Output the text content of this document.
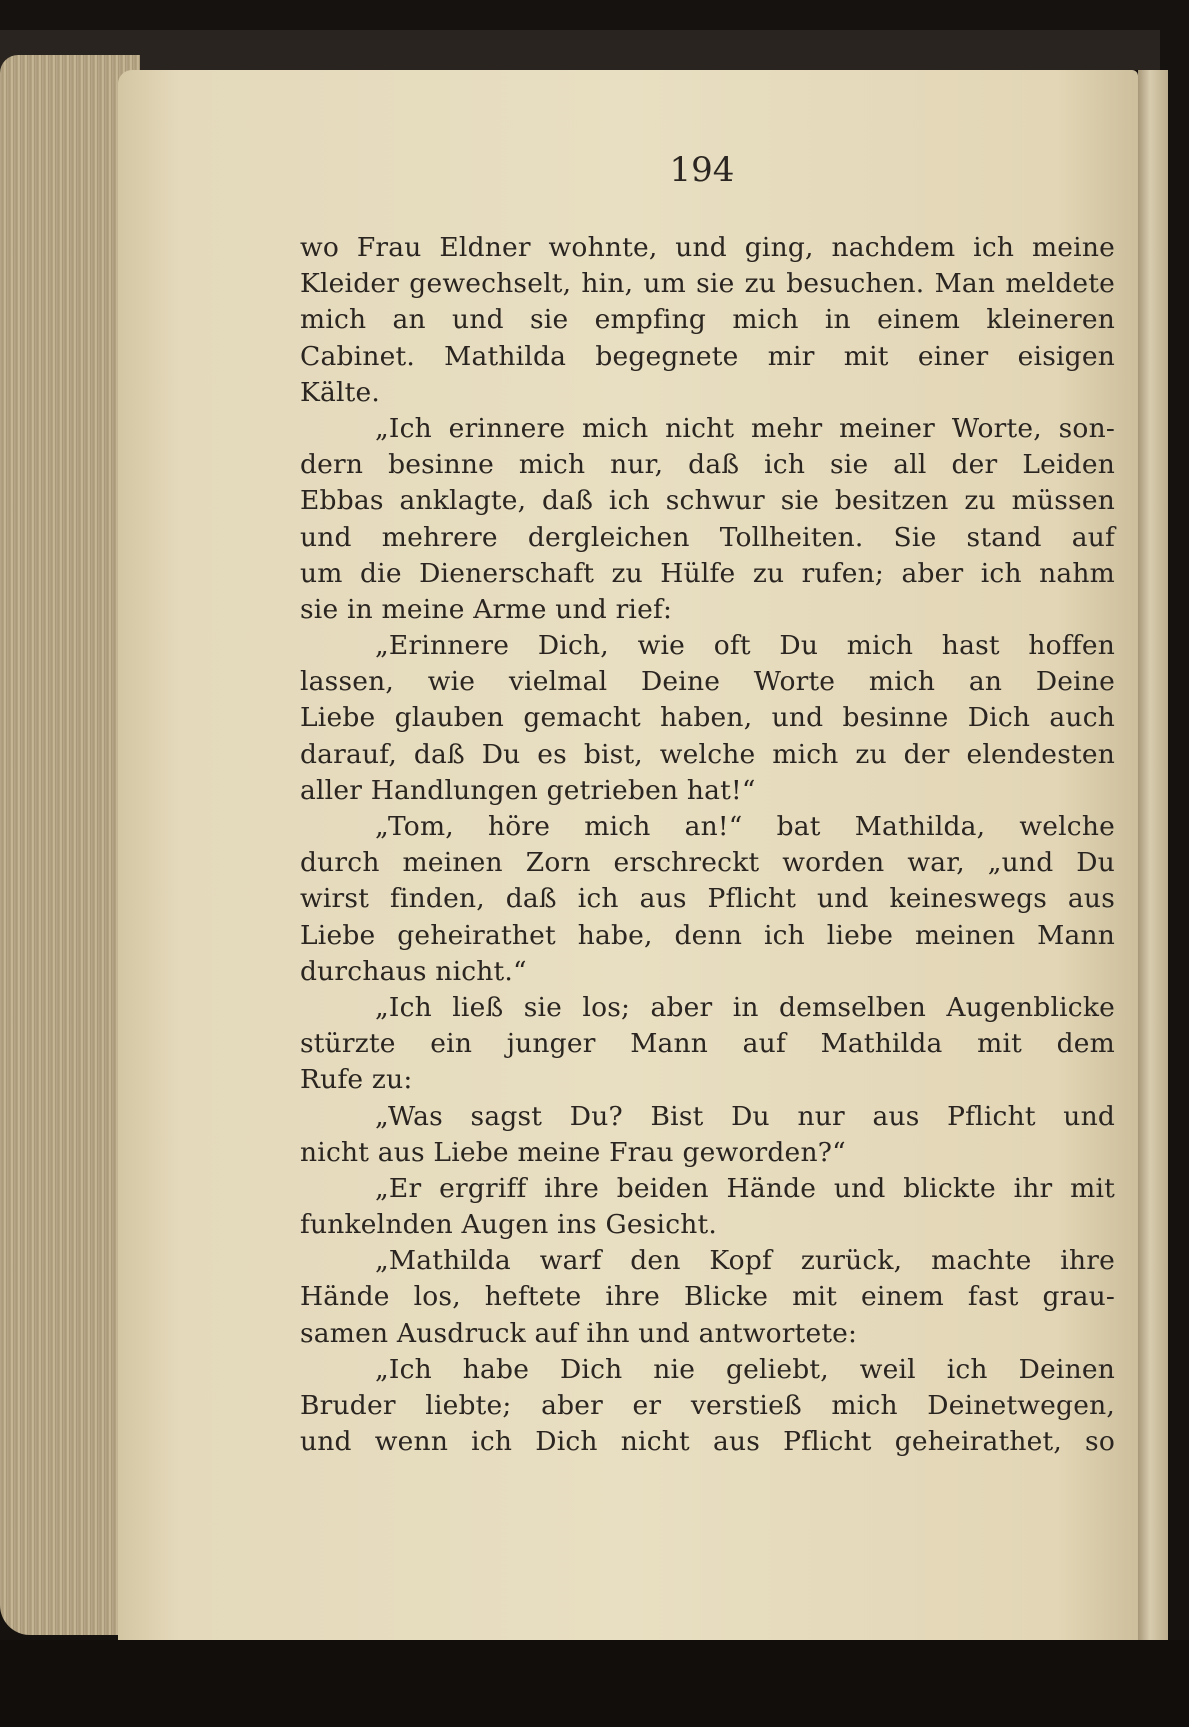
194
wo Frau Eldner wohnte, und ging, nachdem ich meine
Kleider gewechselt, hin, um sie zu besuchen. Man meldete
mich an und sie empfing mich in einem kleineren
Cabinet. Mathilda begegnete mir mit einer eisigen
Kälte.
„Ich erinnere mich nicht mehr meiner Worte, son-
dern besinne mich nur, daß ich sie all der Leiden
Ebbas anklagte, daß ich schwur sie besitzen zu müssen
und mehrere dergleichen Tollheiten. Sie stand auf
um die Dienerschaft zu Hülfe zu rufen; aber ich nahm
sie in meine Arme und rief:
„Erinnere Dich, wie oft Du mich hast hoffen
lassen, wie vielmal Deine Worte mich an Deine
Liebe glauben gemacht haben, und besinne Dich auch
darauf, daß Du es bist, welche mich zu der elendesten
aller Handlungen getrieben hat!“
„Tom, höre mich an!“ bat Mathilda, welche
durch meinen Zorn erschreckt worden war, „und Du
wirst finden, daß ich aus Pflicht und keineswegs aus
Liebe geheirathet habe, denn ich liebe meinen Mann
durchaus nicht.“
„Ich ließ sie los; aber in demselben Augenblicke
stürzte ein junger Mann auf Mathilda mit dem
Rufe zu:
„Was sagst Du? Bist Du nur aus Pflicht und
nicht aus Liebe meine Frau geworden?“
„Er ergriff ihre beiden Hände und blickte ihr mit
funkelnden Augen ins Gesicht.
„Mathilda warf den Kopf zurück, machte ihre
Hände los, heftete ihre Blicke mit einem fast grau-
samen Ausdruck auf ihn und antwortete:
„Ich habe Dich nie geliebt, weil ich Deinen
Bruder liebte; aber er verstieß mich Deinetwegen,
und wenn ich Dich nicht aus Pflicht geheirathet, so
